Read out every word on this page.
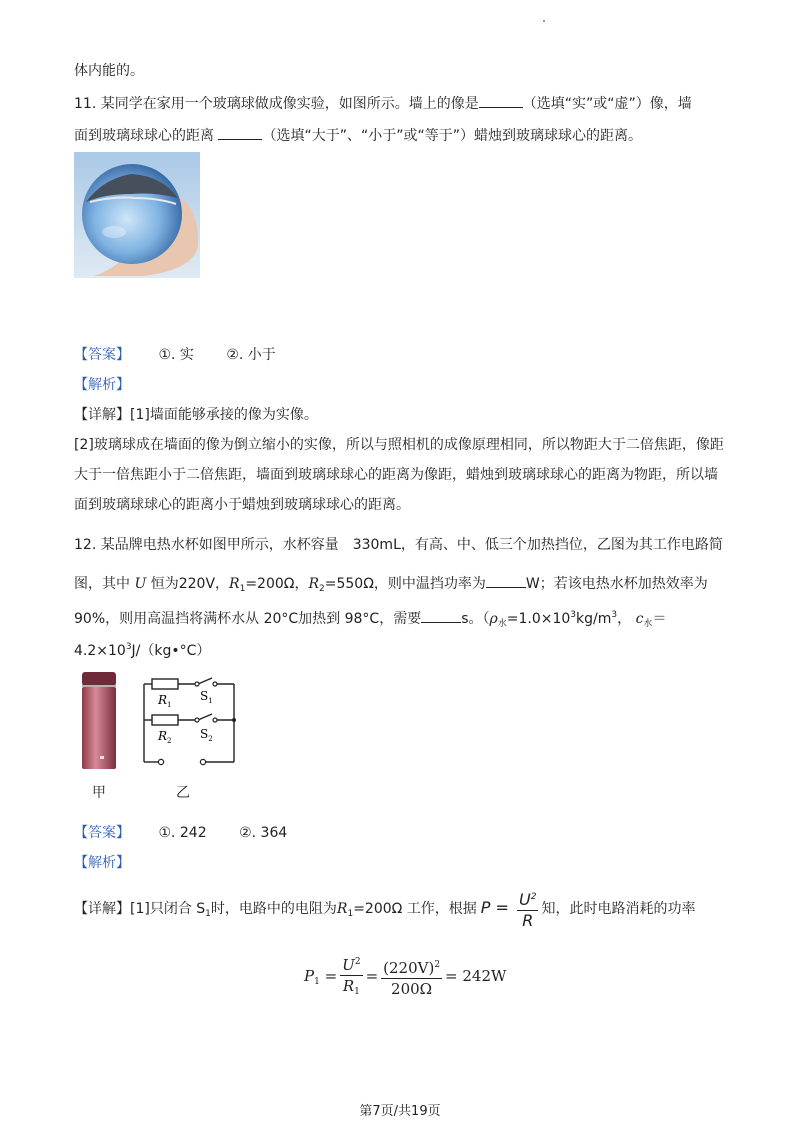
体内能的。
11. 某同学在家用一个玻璃球做成像实验，如图所示。墙上的像是	（选填“实”或“虚”）像，墙
面到玻璃球球心的距离	（选填“大于”、“小于”或“等于”）蜡烛到玻璃球球心的距离。
【答案】 ①. 实 ②. 小于
【解析】
【详解】[1]墙面能够承接的像为实像。
[2]玻璃球成在墙面的像为倒立缩小的实像，所以与照相机的成像原理相同，所以物距大于二倍焦距，像距
大于一倍焦距小于二倍焦距，墙面到玻璃球球心的距离为像距，蜡烛到玻璃球球心的距离为物距，所以墙
面到玻璃球球心的距离小于蜡烛到玻璃球球心的距离。
12. 某品牌电热水杯如图甲所示，水杯容量　330mL，有高、中、低三个加热挡位，乙图为其工作电路简
图，其中 U 恒为220V，$R_1=200\Omega$，$R_2=550\Omega$，则中温挡功率为	W；若该电热水杯加热效率为
90%，则用高温挡将满杯水从 20°C加热到 98°C，需要	s。（$\rho_水=1.0\times 10^3kg/m^3$， $c_水=$
$4.2\times 10^3J/(kg•^\circ C)$
$R_1$
$S_1$
$R_2$ $S_2$
甲	乙
【答案】 ①. 242 ②. 364
【解析】
【详解】[1]只闭合 $S_1$时，电路中的电阻为$R_1=200\Omega$ 工作，根据 $P = \frac{U^2}{R}$ 知，此时电路消耗的功率
$P_1 = \frac{U^2}{R_1} = \frac{(220V)^2}{200\Omega} = 242W$
第7页/共19页
